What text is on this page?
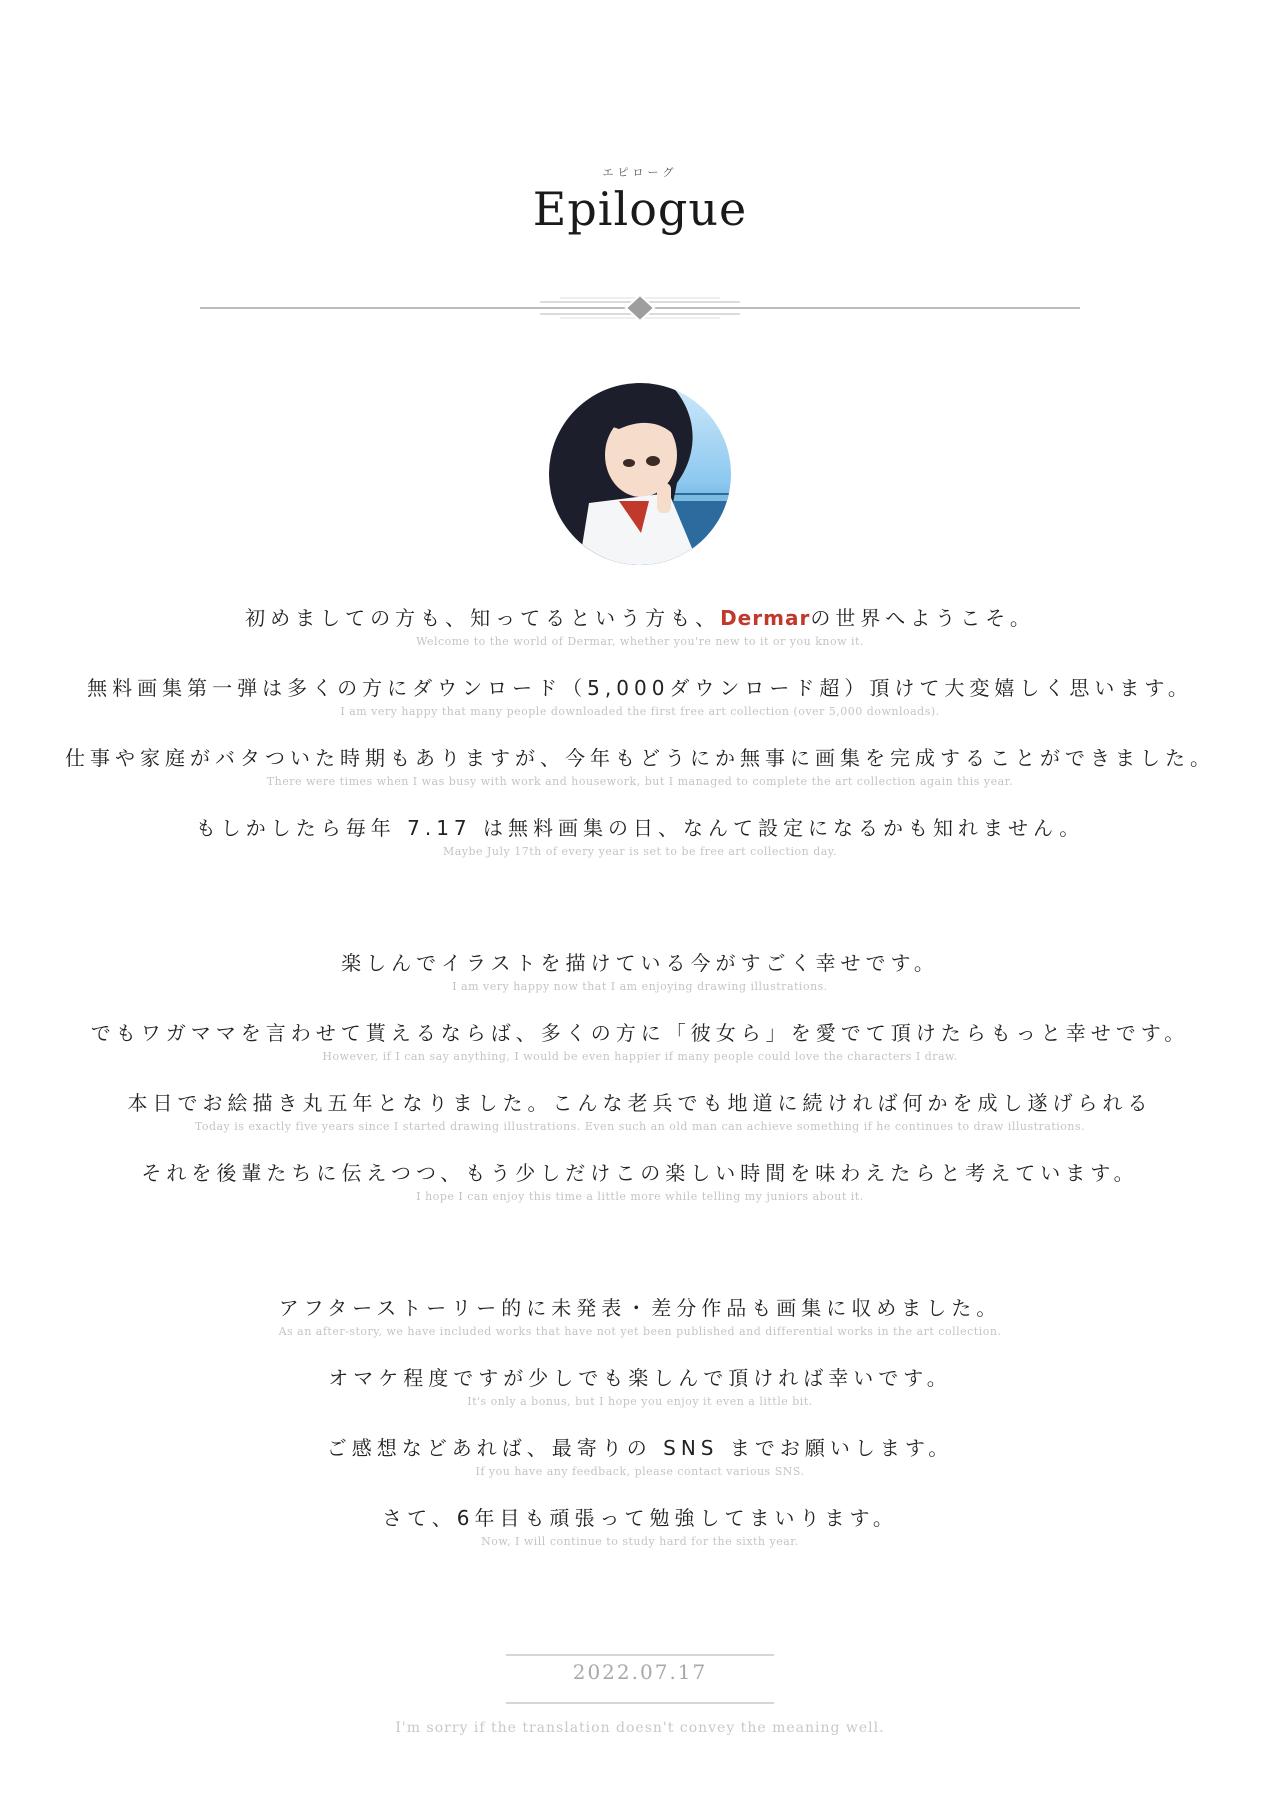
エピローグ
Epilogue
初めましての方も、知ってるという方も、Dermarの世界へようこそ。
Welcome to the world of Dermar, whether you're new to it or you know it.
無料画集第一弾は多くの方にダウンロード（5,000ダウンロード超）頂けて大変嬉しく思います。
I am very happy that many people downloaded the first free art collection (over 5,000 downloads).
仕事や家庭がバタついた時期もありますが、今年もどうにか無事に画集を完成することができました。
There were times when I was busy with work and housework, but I managed to complete the art collection again this year.
もしかしたら毎年 7.17 は無料画集の日、なんて設定になるかも知れません。
Maybe July 17th of every year is set to be free art collection day.
楽しんでイラストを描けている今がすごく幸せです。
I am very happy now that I am enjoying drawing illustrations.
でもワガママを言わせて貰えるならば、多くの方に「彼女ら」を愛でて頂けたらもっと幸せです。
However, if I can say anything, I would be even happier if many people could love the characters I draw.
本日でお絵描き丸五年となりました。こんな老兵でも地道に続ければ何かを成し遂げられる
Today is exactly five years since I started drawing illustrations. Even such an old man can achieve something if he continues to draw illustrations.
それを後輩たちに伝えつつ、もう少しだけこの楽しい時間を味わえたらと考えています。
I hope I can enjoy this time a little more while telling my juniors about it.
アフターストーリー的に未発表・差分作品も画集に収めました。
As an after-story, we have included works that have not yet been published and differential works in the art collection.
オマケ程度ですが少しでも楽しんで頂ければ幸いです。
It's only a bonus, but I hope you enjoy it even a little bit.
ご感想などあれば、最寄りの SNS までお願いします。
If you have any feedback, please contact various SNS.
さて、6年目も頑張って勉強してまいります。
Now, I will continue to study hard for the sixth year.
2022.07.17
I'm sorry if the translation doesn't convey the meaning well.
